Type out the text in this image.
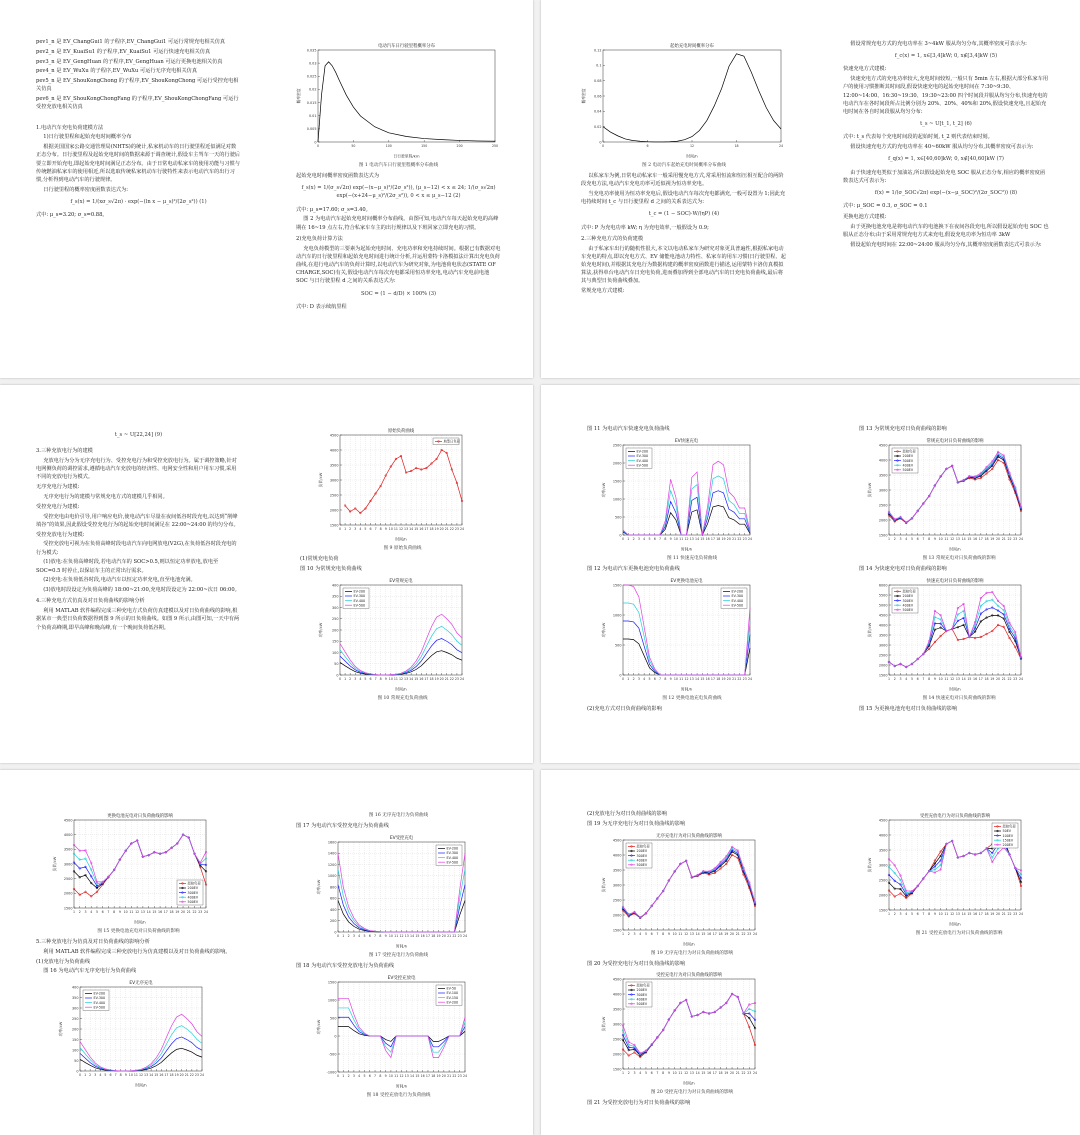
pev1_n 是 EV_ChangGui1 的子程序,EV_ChangGui1 可运行常规充电相关仿真

pev2_n 是 EV_KuaiSu1 的子程序,EV_KuaiSu1 可运行快速充电相关仿真

pev3_n 是 EV_GengHuan 的子程序,EV_GengHuan 可运行更换电池相关仿真

pev4_n 是 EV_WuXu 的子程序,EV_WuXu 可运行无序充电相关仿真

pev5_n 是 EV_ShouKongChong 的子程序,EV_ShouKongChong 可运行受控充电相关仿真

pev6_n 是 EV_ShouKongChongFang 的子程序,EV_ShouKongChongFang 可运行受控充放电相关仿真

1.电动汽车充电负荷建模方法

1)日行驶里程和起始充电时间概率分布

根据美国国家公路交通管理局(NHTS)的统计,私家机动车的日行驶里程近似满足对数正态分布。日行驶里程及起始充电时间的数据来源于调查统计,假设车主驾车一天的行驶后要立即开始充电,即起始充电时间满足正态分布。由于日常电动私家车的使用功能与习惯与传统燃油私家车的使用相近,所以选取传统私家机动车行驶特性来表示电动汽车的出行习惯,分析得到电动汽车的行驶规律。

日行驶里程的概率密度函数表达式为:

f_s(x) = 1/(xσ_s√2π) · exp(−(ln x − μ_s)²/(2σ_s²)) (1)

式中: μ_s=3.20; σ_s=0.88。

电动汽车日行驶里程概率分布
0
0.005
0.01
0.015
0.02
0.025
0.03
0.035
0	50	100	150	200	250
日行驶里程/km
概率密度
图 1 电动汽车日行驶里程概率分布曲线

起始充电时间概率密度函数表达式为

f_s(x) = 1/(σ_s√2π) exp(−(x−μ_s)²/(2σ_s²)), (μ_s−12) < x ≤ 24; 1/(σ_s√2π) exp(−(x+24−μ_s)²/(2σ_s²)), 0 < x ≤ μ_s−12 (2)

式中: μ_s=17.60; σ_s=3.40。

图 2 为电动汽车起始充电时间概率分布曲线。由图可知,电动汽车每天起始充电的高峰期在 16~19 点左右,符合私家车车主的出行规律以及下班回家立即充电的习惯。

2)充电负荷计算方法

充电负荷模型的三要素为起始充电时间、充电功率和充电持续时间。根据已有数据对电动汽车的日行驶里程和起始充电时间进行统计分析,并运用蒙特卡洛模拟法计算出充电负荷曲线,在进行电动汽车的负荷计算时,以电动汽车为研究对象,为电池荷电状态(STATE OF CHARGE,SOC)有关,假设电动汽车每次充电都采用恒功率充电,电动汽车充电前电池 SOC 与日行驶里程 d 之间的关系表达式为:

SOC = (1 − d/D) × 100% (3)

式中: D 表示续航里程

起始充电时间概率分布
0
0.02
0.04
0.06
0.08
0.1
0.12
0	6	12	18	24
时间/h
概率密度
图 2 电动汽车起始充电时间概率分布曲线

以私家车为例,日常电动私家车一般采用慢充电方式,常采用恒流和恒压相互配合的两阶段充电方法,电动汽车充电功率可近似视为恒功率充电。

当充电功率使用为恒功率充电后,假设电动汽车每次充电都满充,一般可设置为 1;因此充电持续时间 t_c 与日行驶里程 d 之间的关系表达式为:

t_c = (1 − SOC)·W/(ηP) (4)

式中: P 为充电功率 kW; η 为充电效率,一般假设为 0.9;

2.三种充电方式的负荷建模

由于私家车出行的随机性很大,本文以电动私家车为研究对象更具普遍性,根据私家电动车充电的特点,即以充电方式、EV 储能电池动力特性、私家车的用车习惯(日行驶里程、起始充电时间),并根据其充电行为数据构建的概率密度函数进行描述,运用蒙特卡洛仿真模拟算法,获得单台电动汽车日充电负荷,进而叠加得到全部电动汽车的日充电负荷曲线,最后将其与典型日负荷曲线叠加。

常规充电方式建模:

假设常规充电方式的充电功率在 3~4kW 服从均匀分布,其概率密度可表示为:

f_c(x) = 1, x∈[3,4]kW; 0, x∉[3,4]kW (5)

快速充电方式建模:

快速充电方式的充电功率较大,充电时间较短,一般只有 5min 左右,根据大部分私家车用户的使用习惯推断其时间段,假设快速充电的起始充电时间在 7:30~9:30、12:00~14:00、16:30~19:30、19:30~23:00 四个时间段并服从均匀分布,快速充电的电动汽车在各时间段所占比例分别为 20%、20%、40%和 20%,假设快速充电,且起始充电时间在各自时间段服从均匀分布:

t_s ~ U[t_1, t_2] (6)

式中: t_s 代表每个充电时间段的起始时刻, t_2 则代表结束时刻。

假设快速充电方式的充电功率在 40~60kW 服从均匀分布,其概率密度可表示为:

f_q(x) = 1, x∈[40,60]kW; 0, x∉[40,60]kW (7)

由于快速充电类似于加油站,所以假设起始充电 SOC 服从正态分布,相应的概率密度函数表达式可表示为:

f(x) = 1/(σ_SOC√2π) exp(−(x−μ_SOC)²/(2σ_SOC²)) (8)

式中: μ_SOC = 0.3, σ_SOC = 0.1

更换电池方式建模:

由于更换电池充电是将电动汽车的电池换下在夜间谷段充电,所以假设起始充电 SOC 也服从正态分布;由于采用常规充电方式来充电,假设充电功率为恒功率 3kW

假设起始充电时间在 22:00~24:00 服从均匀分布,其概率密度函数表达式可表示为:

t_s ~ U[22,24] (9)

3.三种充放电行为的建模

充放电行为分为无序充电行为、受控充电行为和受控充放电行为。属于调控策略,针对电网侧负荷的调控需求,遵循电动汽车充放电的经济性、电网安全性和用户用车习惯,采用不同的充放电行为模式。

无序充电行为建模:

无序充电行为的建模与常规充电方式的建模几乎相同。

受控充电行为建模:

受控充电由电价引导,用户响应电价,使电动汽车尽量在夜间低谷时段充电,以达到“削峰填谷”的效果,因此假设受控充电行为的起始充电时间满足在 22:00~24:00 的均匀分布。

受控充放电行为建模:

受控充放电可视为在负荷高峰时段电动汽车向电网放电(V2G),在负荷低谷时段充电的行为模式:

(1)放电:在负荷高峰时段,若电动汽车的 SOC>0.5,则以恒定功率放电,放电至 SOC=0.5 时停止,以保证车主的正常出行需求。

(2)充电:在负荷低谷时段,电动汽车以恒定功率充电,直至电池充满。

(3)放电时段设定为负荷高峰的 18:00~21:00,充电时段设定为 22:00~次日 06:00。

4.三种充电方式仿真及对日负荷曲线的影响分析

利用 MATLAB 软件编程完成三种充电方式负荷仿真建模以及对日负荷曲线的影响,根据某市一典型日负荷数据得到图 9 所示的日负荷曲线。如图 9 所示,由图可知,一天中有两个负荷高峰期,即早高峰和晚高峰,有一个晚间负荷低谷期。

原始负荷曲线
1500
2000
2500
3000
3500
4000
4500
0 1 2 3 4 5 6 7 8 9 10 11 12 13 14 15 16 17 18 19 20 21 22 23 24
时间/h
负荷/kW
典型日负荷
图 9 原始负荷曲线

(1)常规充电负荷

图 10 为常规充电负荷曲线

EV常规充电
0
50
100
150
200
250
300
350
400
0 1 2 3 4 5 6 7 8 9 10 11 12 13 14 15 16 17 18 19 20 21 22 23 24
时间/h
功率/kW
EV-200
EV-300
EV-400
EV-500
图 10 常规充电负荷曲线

图 11 为电动汽车快速充电负荷曲线

EV快速充电
0
500
1000
1500
2000
2500
0 1 2 3 4 5 6 7 8 9 10 11 12 13 14 15 16 17 18 19 20 21 22 23 24
时间/h
功率/kW
EV-200
EV-300
EV-400
EV-500
图 11 快速充电负荷曲线

图 12 为电动汽车更换电池充电负荷曲线

EV更换电池充电
0
500
1000
1500
0 1 2 3 4 5 6 7 8 9 10 11 12 13 14 15 16 17 18 19 20 21 22 23 24
时间/h
功率/kW
EV-200
EV-300
EV-400
EV-500
图 12 更换电池充电负荷曲线

(2)充电方式对日负荷曲线的影响

图 13 为常规充电对日负荷曲线的影响

常规充电对日负荷曲线的影响
1500
2000
2500
3000
3500
4000
4500
1 2 3 4 5 6 7 8 9 10 11 12 13 14 15 16 17 18 19 20 21 22 23 24
时间/h
负荷/kW
原始负荷
200EV
300EV
400EV
500EV
图 13 常规充电对日负荷曲线的影响

图 14 为快速充电对日负荷曲线的影响

快速充电对日负荷曲线的影响
1500
2000
2500
3000
3500
4000
4500
5000
5500
6000
1 2 3 4 5 6 7 8 9 10 11 12 13 14 15 16 17 18 19 20 21 22 23 24
时间/h
负荷/kW
原始负荷
200EV
300EV
400EV
500EV
图 14 快速充电对日负荷曲线的影响

图 15 为更换电池充电对日负荷曲线的影响

更换电池充电对日负荷曲线的影响
1500
2000
2500
3000
3500
4000
4500
1 2 3 4 5 6 7 8 9 10 11 12 13 14 15 16 17 18 19 20 21 22 23 24
时间/h
负荷/kW
原始负荷
200EV
300EV
400EV
500EV
图 15 更换电池充电对日负荷曲线的影响

5.三种充放电行为仿真及对日负荷曲线的影响分析

利用 MATLAB 软件编程完成三种充放电行为仿真建模以及对日负荷曲线的影响。

(1)充放电行为负荷曲线

图 16 为电动汽车无序充电行为负荷曲线

EV无序充电
0
50
100
150
200
250
300
350
400
0 1 2 3 4 5 6 7 8 9 10 11 12 13 14 15 16 17 18 19 20 21 22 23 24
时间/h
功率/kW
EV-200
EV-300
EV-400
EV-500
图 16 无序充电行为负荷曲线

图 17 为电动汽车受控充电行为负荷曲线

EV受控充电
0
200
400
600
800
1000
1200
1400
1600
0 1 2 3 4 5 6 7 8 9 10 11 12 13 14 15 16 17 18 19 20 21 22 23 24
时间/h
功率/kW
EV-200
EV-300
EV-400
EV-500
图 17 受控充电行为负荷曲线

图 18 为电动汽车受控充放电行为负荷曲线

EV受控充放电
-1000
-500
0
500
1000
1500
0 1 2 3 4 5 6 7 8 9 10 11 12 13 14 15 16 17 18 19 20 21 22 23 24
时间/h
功率/kW
EV-50
EV-100
EV-150
EV-200
图 18 受控充放电行为负荷曲线

(2)充放电行为对日负荷曲线的影响

图 19 为无序充电行为对日负荷曲线的影响

无序充电行为对日负荷曲线的影响
1500
2000
2500
3000
3500
4000
4500
1 2 3 4 5 6 7 8 9 10 11 12 13 14 15 16 17 18 19 20 21 22 23 24
时间/h
负荷/kW
原始负荷
200EV
300EV
400EV
500EV
图 19 无序充电行为对日负荷曲线的影响

图 20 为受控充电行为对日负荷曲线的影响

受控充电行为对日负荷曲线的影响
1500
2000
2500
3000
3500
4000
4500
1 2 3 4 5 6 7 8 9 10 11 12 13 14 15 16 17 18 19 20 21 22 23 24
时间/h
负荷/kW
原始负荷
200EV
300EV
400EV
500EV
图 20 受控充电行为对日负荷曲线的影响

图 21 为受控充放电行为对日负荷曲线的影响

受控充放电行为对日负荷曲线的影响
1500
2000
2500
3000
3500
4000
4500
1 2 3 4 5 6 7 8 9 10 11 12 13 14 15 16 17 18 19 20 21 22 23 24
时间/h
负荷/kW
原始负荷
50EV
100EV
150EV
200EV
图 21 受控充放电行为对日负荷曲线的影响
